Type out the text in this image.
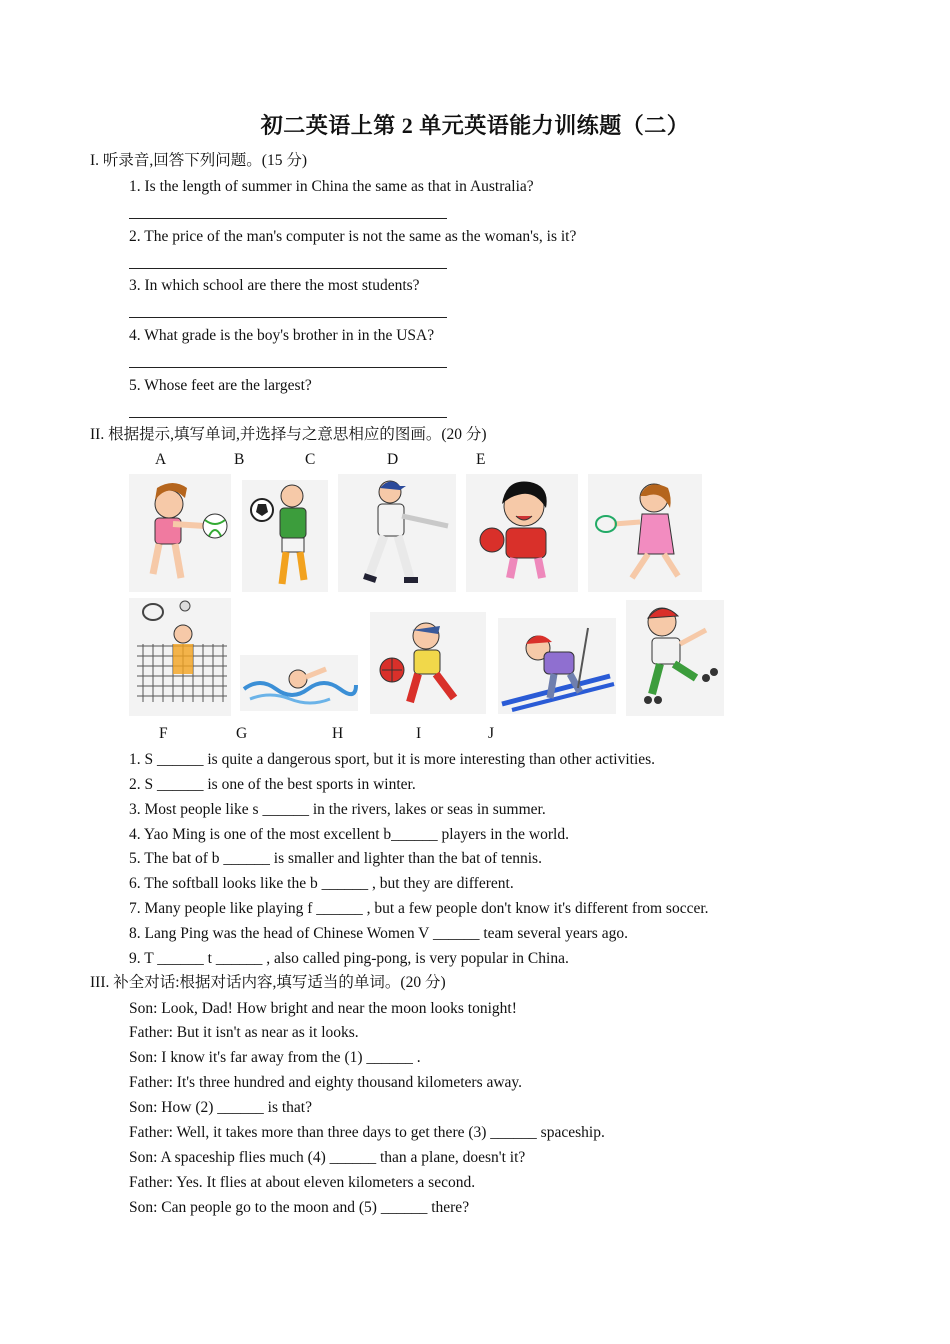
初二英语上第 2 单元英语能力训练题（二）
I. 听录音,回答下列问题。(15 分)
1. Is the length of summer in China the same as that in Australia?
2. The price of the man's computer is not the same as the woman's, is it?
3. In which school are there the most students?
4. What grade is the boy's brother in in the USA?
5. Whose feet are the largest?
II. 根据提示,填写单词,并选择与之意思相应的图画。(20 分)
A	B	C	D	E
F	G	H	I	J
1. S ______ is quite a dangerous sport, but it is more interesting than other activities.
2. S ______ is one of the best sports in winter.
3. Most people like s ______ in the rivers, lakes or seas in summer.
4. Yao Ming is one of the most excellent b______ players in the world.
5. The bat of b ______ is smaller and lighter than the bat of tennis.
6. The softball looks like the b ______ , but they are different.
7. Many people like playing f ______ , but a few people don't know it's different from soccer.
8. Lang Ping was the head of Chinese Women V ______ team several years ago.
9. T ______ t ______ , also called ping-pong, is very popular in China.
III. 补全对话:根据对话内容,填写适当的单词。(20 分)
Son: Look, Dad! How bright and near the moon looks tonight!
Father: But it isn't as near as it looks.
Son: I know it's far away from the (1) ______ .
Father: It's three hundred and eighty thousand kilometers away.
Son: How (2) ______ is that?
Father: Well, it takes more than three days to get there (3) ______ spaceship.
Son: A spaceship flies much (4) ______ than a plane, doesn't it?
Father: Yes. It flies at about eleven kilometers a second.
Son: Can people go to the moon and (5) ______ there?
